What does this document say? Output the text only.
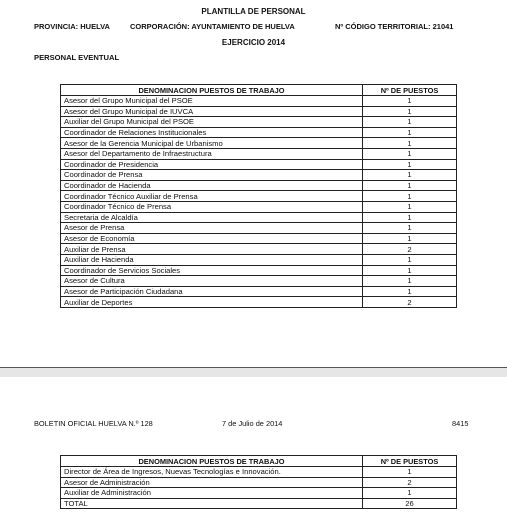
PLANTILLA DE PERSONAL
PROVINCIA: HUELVA	CORPORACIÓN: AYUNTAMIENTO DE HUELVA	Nº CÓDIGO TERRITORIAL: 21041
EJERCICIO 2014
PERSONAL EVENTUAL
DENOMINACION PUESTOS DE TRABAJO	Nº DE PUESTOS
Asesor del Grupo Municipal del PSOE	1
Asesor del Grupo Municipal de IUVCA	1
Auxiliar del Grupo Municipal del PSOE	1
Coordinador de Relaciones Institucionales	1
Asesor de la Gerencia Municipal de Urbanismo	1
Asesor del Departamento de Infraestructura	1
Coordinador de Presidencia	1
Coordinador de Prensa	1
Coordinador de Hacienda	1
Coordinador Técnico Auxiliar de Prensa	1
Coordinador Técnico de Prensa	1
Secretaria de Alcaldía	1
Asesor de Prensa	1
Asesor de Economía	1
Auxiliar de Prensa	2
Auxiliar de Hacienda	1
Coordinador de Servicios Sociales	1
Asesor de Cultura	1
Asesor de Participación Ciudadana	1
Auxiliar de Deportes	2
BOLETIN OFICIAL HUELVA N.º 128	7 de Julio de 2014	8415
DENOMINACION PUESTOS DE TRABAJO	Nº DE PUESTOS
Director de Área de Ingresos, Nuevas Tecnologías e Innovación.	1
Asesor de Administración	2
Auxiliar de Administración	1
TOTAL	26
